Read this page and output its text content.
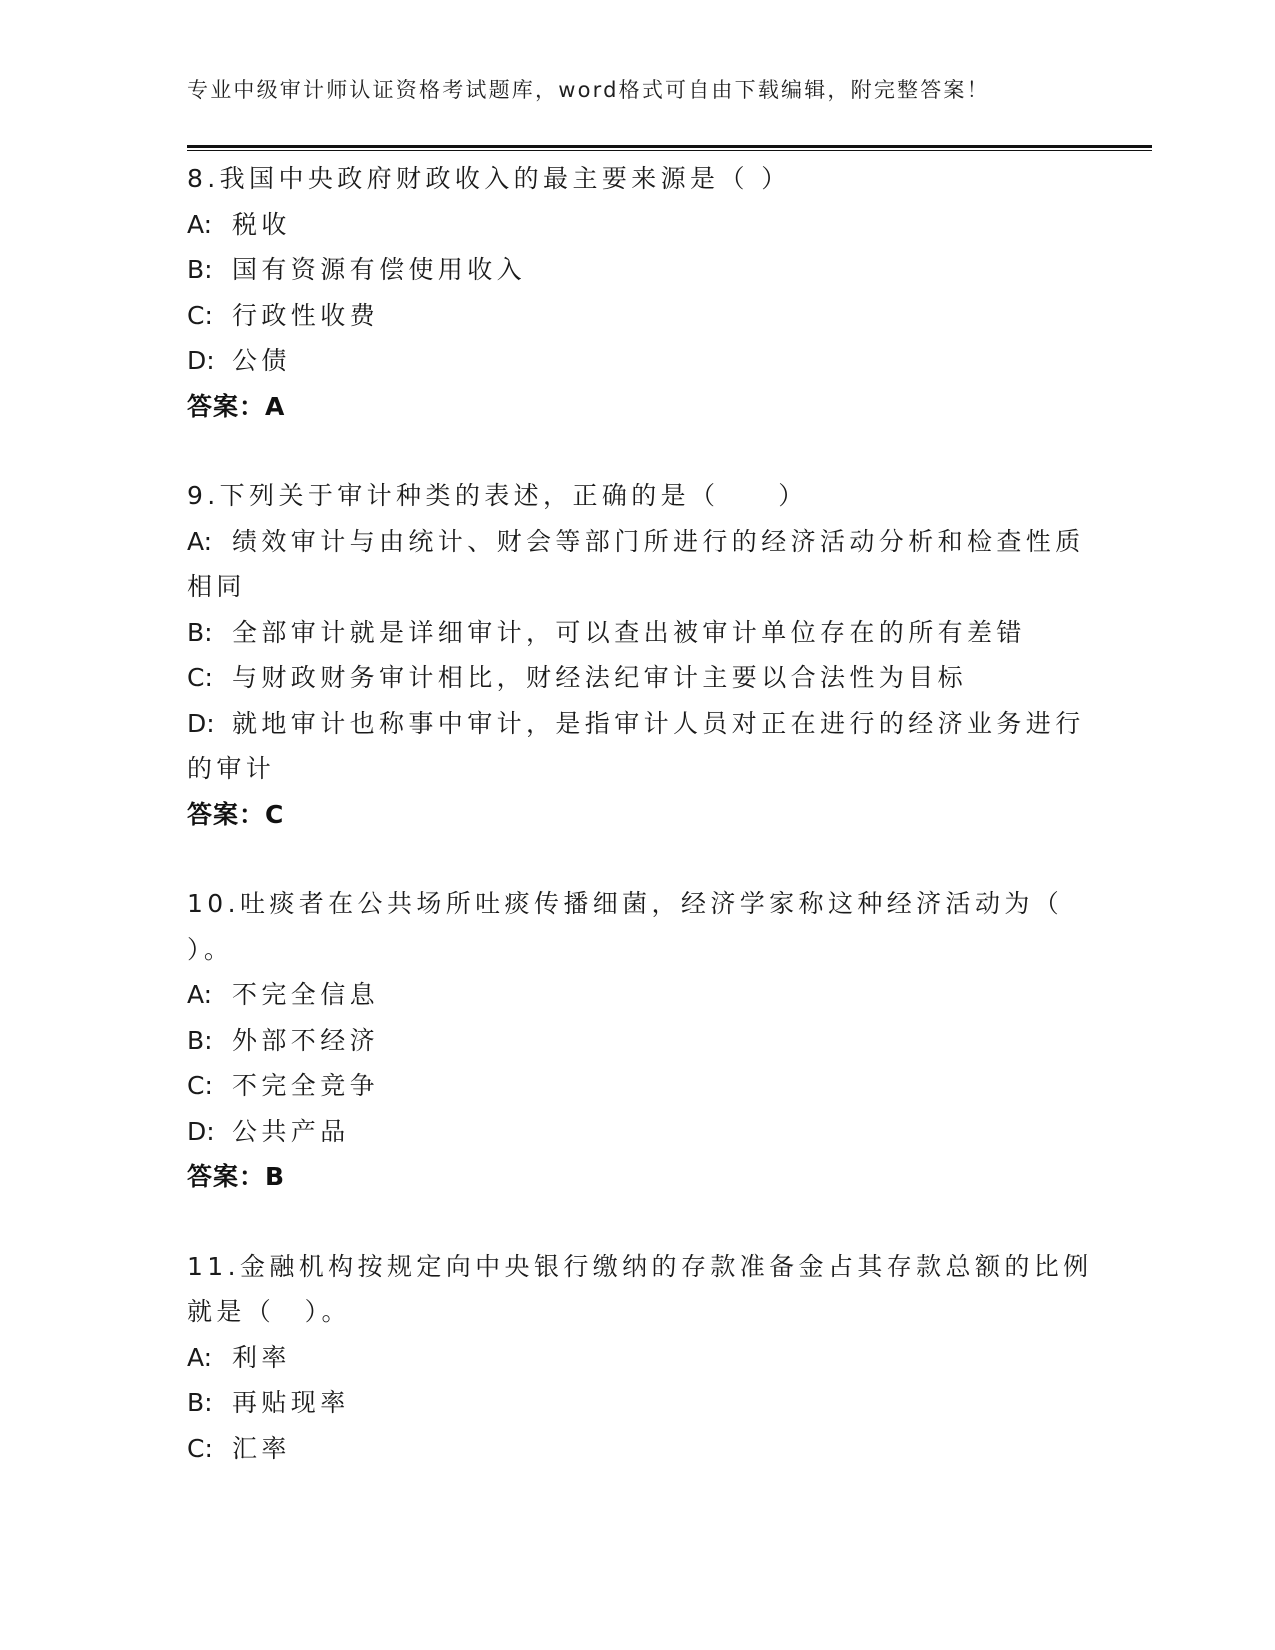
专业中级审计师认证资格考试题库，word格式可自由下载编辑，附完整答案！
8.我国中央政府财政收入的最主要来源是（ ）
A: 税收
B: 国有资源有偿使用收入
C: 行政性收费
D: 公债
答案：A
9.下列关于审计种类的表述，正确的是（　　）
A: 绩效审计与由统计、财会等部门所进行的经济活动分析和检查性质
相同
B: 全部审计就是详细审计，可以查出被审计单位存在的所有差错
C: 与财政财务审计相比，财经法纪审计主要以合法性为目标
D: 就地审计也称事中审计，是指审计人员对正在进行的经济业务进行
的审计
答案：C
10.吐痰者在公共场所吐痰传播细菌，经济学家称这种经济活动为（
）。
A: 不完全信息
B: 外部不经济
C: 不完全竞争
D: 公共产品
答案：B
11.金融机构按规定向中央银行缴纳的存款准备金占其存款总额的比例
就是（　）。
A: 利率
B: 再贴现率
C: 汇率
